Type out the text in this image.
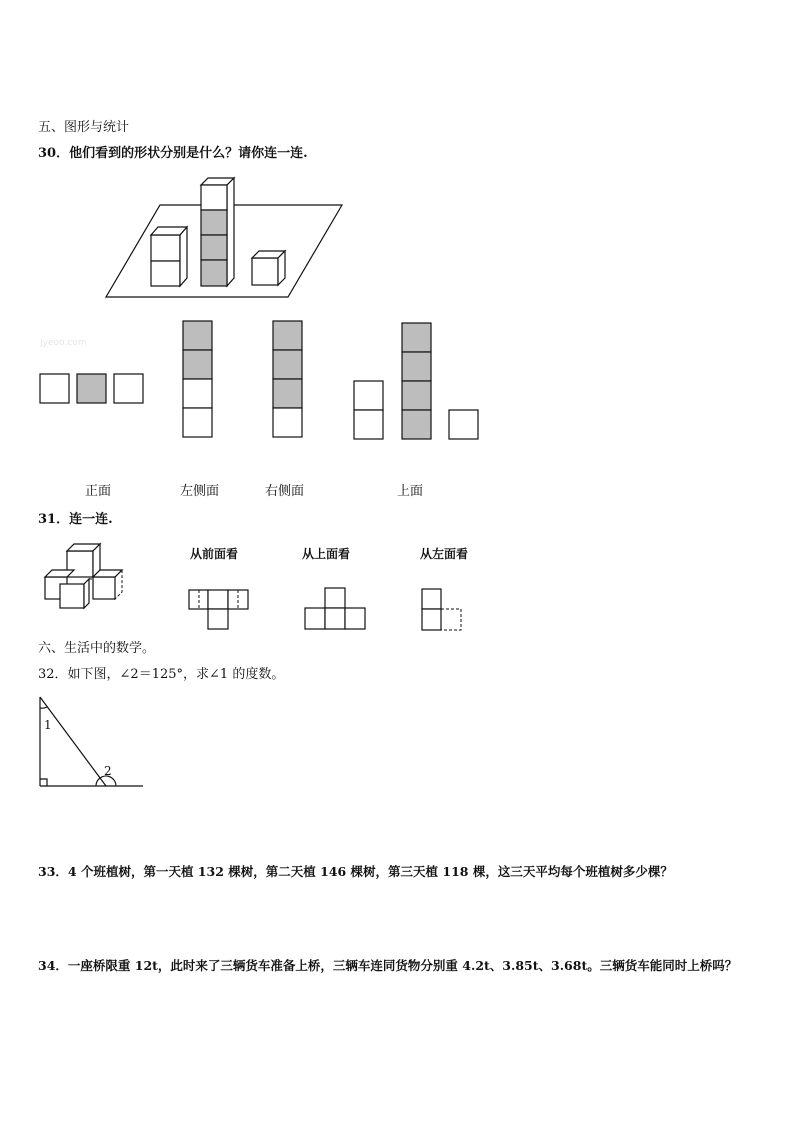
五、图形与统计
30．他们看到的形状分别是什么？请你连一连.
Jyeoo.com
正面	左侧面	右侧面	上面
31．连一连.
从前面看	从上面看	从左面看
六、生活中的数学。
32．如下图，∠2＝125°，求∠1 的度数。
1
2
33．4 个班植树，第一天植 132 棵树，第二天植 146 棵树，第三天植 118 棵，这三天平均每个班植树多少棵？
34．一座桥限重 12t，此时来了三辆货车准备上桥，三辆车连同货物分别重 4.2t、3.85t、3.68t。三辆货车能同时上桥吗？
